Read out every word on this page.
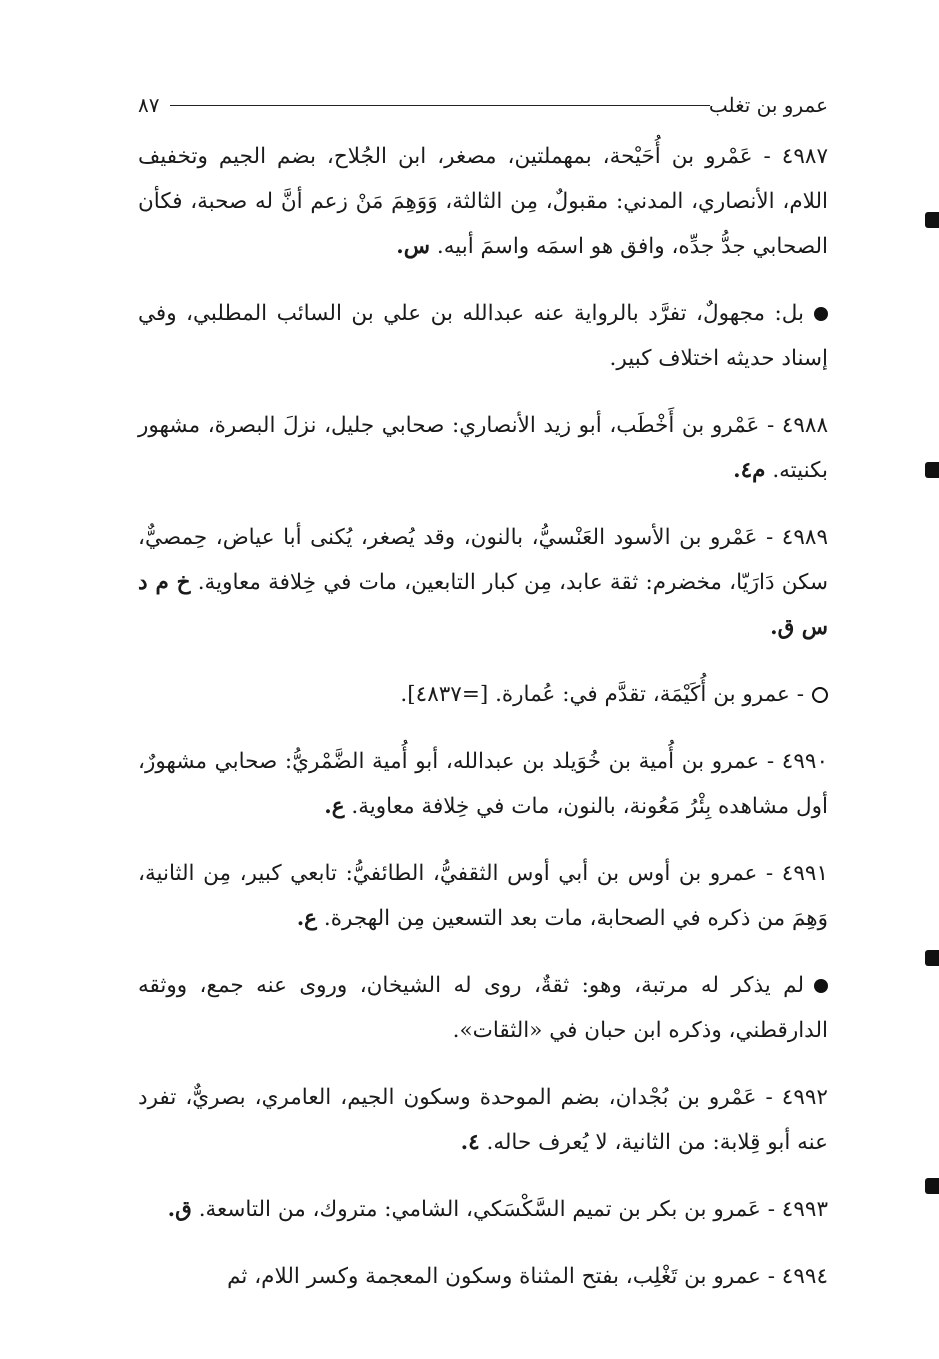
عمرو بن تغلب
٨٧

٤٩٨٧ - عَمْرو بن أُحَيْحة، بمهملتين، مصغر، ابن الجُلاح، بضم الجيم وتخفيف اللام، الأنصاري، المدني: مقبولٌ، مِن الثالثة، وَوَهِمَ مَنْ زعم أنَّ له صحبة، فكأن الصحابي جدُّ جدِّه، وافق هو اسمَه واسمَ أبيه. س.

بل: مجهولٌ، تفرَّد بالرواية عنه عبدالله بن علي بن السائب المطلبي، وفي إسناد حديثه اختلاف كبير.

٤٩٨٨ - عَمْرو بن أَخْطَب، أبو زيد الأنصاري: صحابي جليل، نزلَ البصرة، مشهور بكنيته. م٤.

٤٩٨٩ - عَمْرو بن الأسود العَنْسيُّ، بالنون، وقد يُصغر، يُكنى أبا عياض، حِمصيٌّ، سكن دَارَيّا، مخضرم: ثقة عابد، مِن كبار التابعين، مات في خِلافة معاوية. خ م د س ق.

- عمرو بن أُكَيْمَة، تقدَّم في: عُمارة. [=٤٨٣٧].

٤٩٩٠ - عمرو بن أُمية بن خُوَيلد بن عبدالله، أبو أُمية الضَّمْريُّ: صحابي مشهورٌ، أول مشاهده بِئْرُ مَعُونة، بالنون، مات في خِلافة معاوية. ع.

٤٩٩١ - عمرو بن أوس بن أبي أوس الثقفيُّ، الطائفيُّ: تابعي كبير، مِن الثانية، وَهِمَ من ذكره في الصحابة، مات بعد التسعين مِن الهجرة. ع.

لم يذكر له مرتبة، وهو: ثقةٌ، روى له الشيخان، وروى عنه جمع، ووثقه الدارقطني، وذكره ابن حبان في «الثقات».

٤٩٩٢ - عَمْرو بن بُجْدان، بضم الموحدة وسكون الجيم، العامري، بصريٌّ، تفرد عنه أبو قِلابة: من الثانية، لا يُعرف حاله. ٤.

٤٩٩٣ - عَمرو بن بكر بن تميم السَّكْسَكي، الشامي: متروك، من التاسعة. ق.

٤٩٩٤ - عمرو بن تَغْلِب، بفتح المثناة وسكون المعجمة وكسر اللام، ثم
